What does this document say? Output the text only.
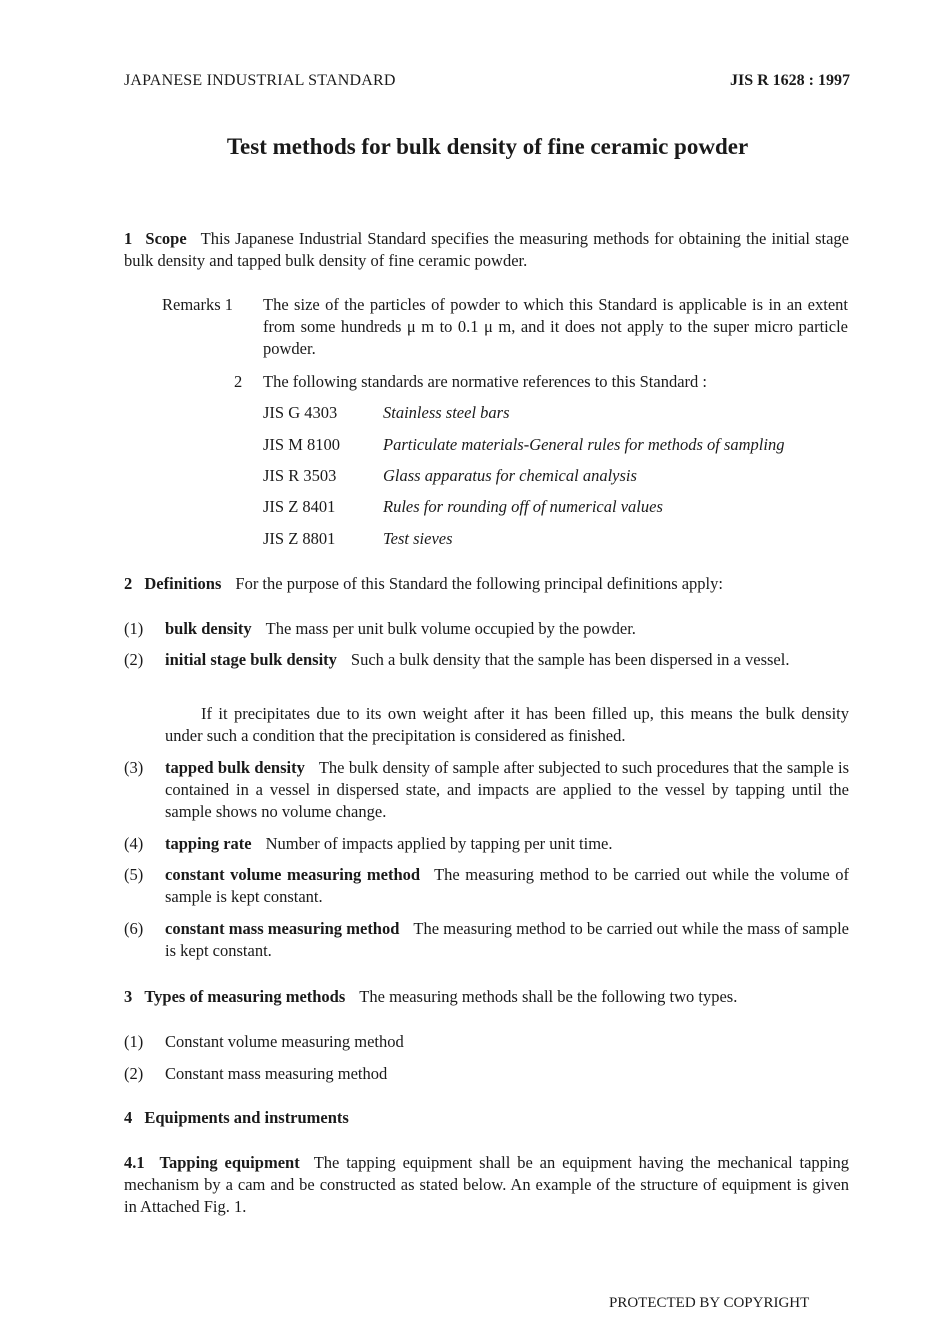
JAPANESE INDUSTRIAL STANDARD	JIS R 1628 : 1997
Test methods for bulk density of fine ceramic powder
1 Scope This Japanese Industrial Standard specifies the measuring methods for obtaining the initial stage bulk density and tapped bulk density of fine ceramic powder.
Remarks 1 The size of the particles of powder to which this Standard is applicable is in an extent from some hundreds μ m to 0.1 μ m, and it does not apply to the super micro particle powder.
2 The following standards are normative references to this Standard :
JIS G 4303	Stainless steel bars
JIS M 8100	Particulate materials-General rules for methods of sampling
JIS R 3503	Glass apparatus for chemical analysis
JIS Z 8401	Rules for rounding off of numerical values
JIS Z 8801	Test sieves
2 Definitions For the purpose of this Standard the following principal definitions apply:
(1) bulk density The mass per unit bulk volume occupied by the powder.
(2) initial stage bulk density Such a bulk density that the sample has been dispersed in a vessel.
If it precipitates due to its own weight after it has been filled up, this means the bulk density under such a condition that the precipitation is considered as finished.
(3) tapped bulk density The bulk density of sample after subjected to such procedures that the sample is contained in a vessel in dispersed state, and impacts are applied to the vessel by tapping until the sample shows no volume change.
(4) tapping rate Number of impacts applied by tapping per unit time.
(5) constant volume measuring method The measuring method to be carried out while the volume of sample is kept constant.
(6) constant mass measuring method The measuring method to be carried out while the mass of sample is kept constant.
3 Types of measuring methods The measuring methods shall be the following two types.
(1) Constant volume measuring method
(2) Constant mass measuring method
4 Equipments and instruments
4.1 Tapping equipment The tapping equipment shall be an equipment having the mechanical tapping mechanism by a cam and be constructed as stated below. An example of the structure of equipment is given in Attached Fig. 1.
PROTECTED BY COPYRIGHT
